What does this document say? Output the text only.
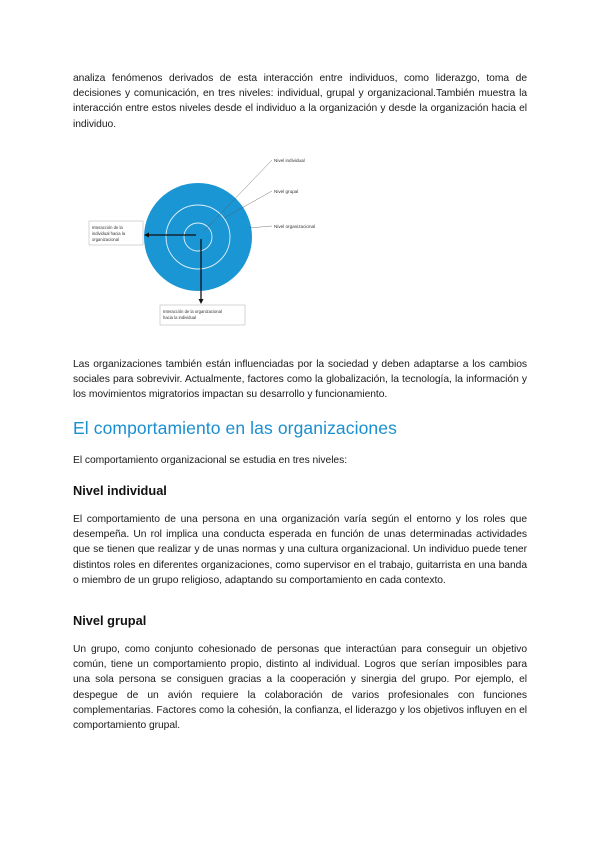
analiza fenómenos derivados de esta interacción entre individuos, como liderazgo, toma de decisiones y comunicación, en tres niveles: individual, grupal y organizacional.También muestra la interacción entre estos niveles desde el individuo a la organización y desde la organización hacia el individuo.

Nivel individual
Nivel grupal
Nivel organizacional
Interacción de la
individual hacia la
organizacional
Interacción de la organizacional
hacia la individual

Las organizaciones también están influenciadas por la sociedad y deben adaptarse a los cambios sociales para sobrevivir. Actualmente, factores como la globalización, la tecnología, la información y los movimientos migratorios impactan su desarrollo y funcionamiento.

El comportamiento en las organizaciones

El comportamiento organizacional se estudia en tres niveles:

Nivel individual

El comportamiento de una persona en una organización varía según el entorno y los roles que desempeña. Un rol implica una conducta esperada en función de unas determinadas actividades que se tienen que realizar y de unas normas y una cultura organizacional. Un individuo puede tener distintos roles en diferentes organizaciones, como supervisor en el trabajo, guitarrista en una banda o miembro de un grupo religioso, adaptando su comportamiento en cada contexto.

Nivel grupal

Un grupo, como conjunto cohesionado de personas que interactúan para conseguir un objetivo común, tiene un comportamiento propio, distinto al individual. Logros que serían imposibles para una sola persona se consiguen gracias a la cooperación y sinergia del grupo. Por ejemplo, el despegue de un avión requiere la colaboración de varios profesionales con funciones complementarias. Factores como la cohesión, la confianza, el liderazgo y los objetivos influyen en el comportamiento grupal.
